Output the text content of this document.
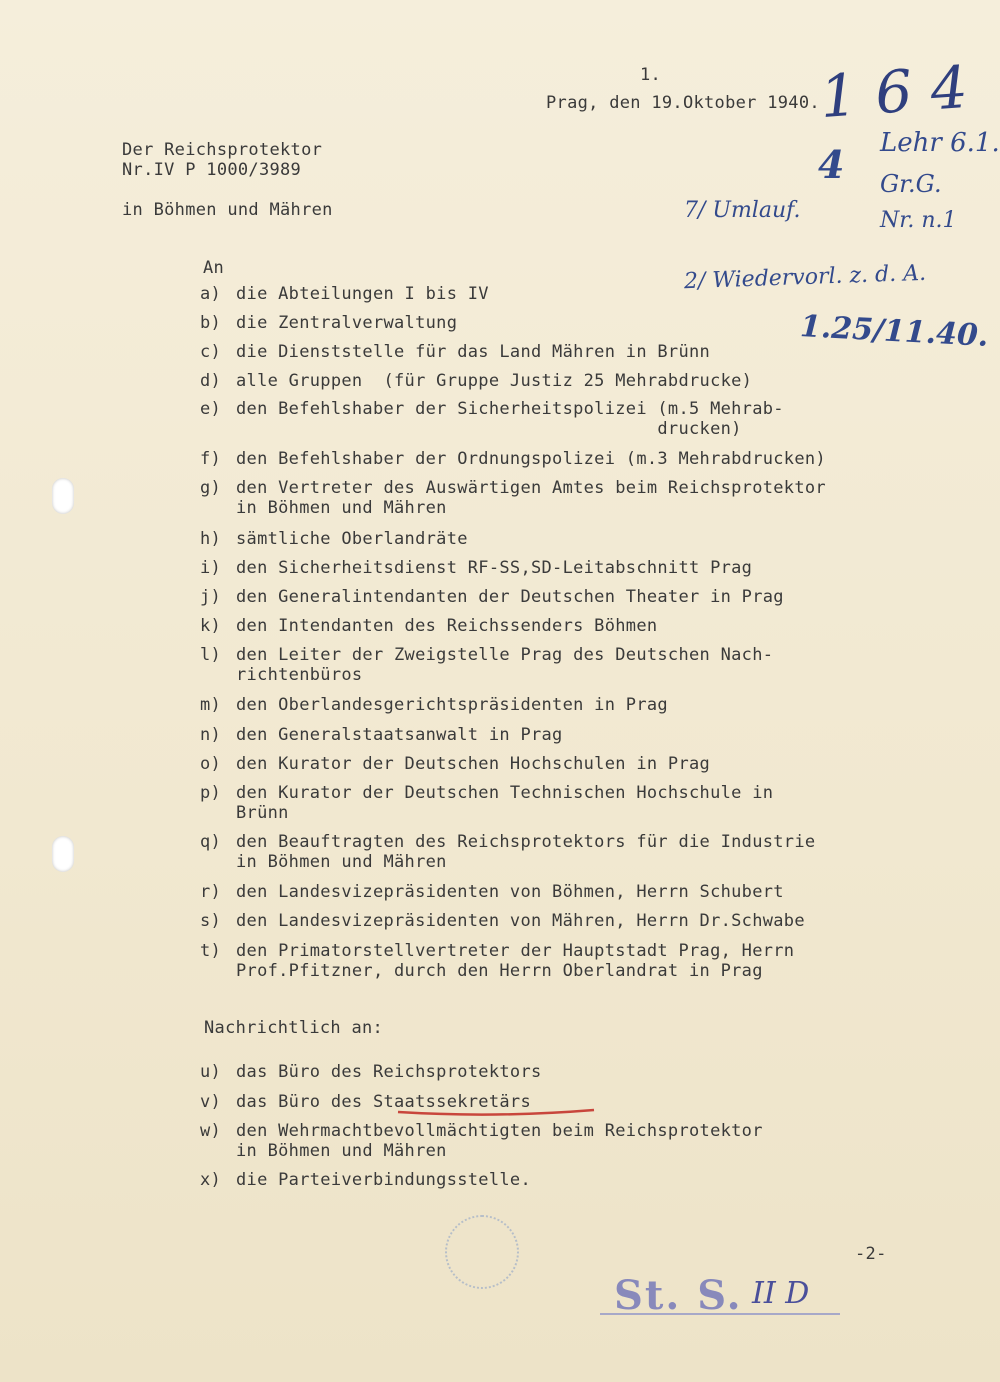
1.
Prag, den 19.Oktober 1940.

Der Reichsprotektor

in Böhmen und Mähren

Nr.IV P 1000/3989
1 6 4
Lehr 6.1.
Gr.G.
Nr. n.1
4
7/ Umlauf.
2/ Wiedervorl. z. d. A.
1.25/11.40.
An
a) die Abteilungen I bis IV
b) die Zentralverwaltung
c) die Dienststelle für das Land Mähren in Brünn
d) alle Gruppen  (für Gruppe Justiz 25 Mehrabdrucke)
e) den Befehlshaber der Sicherheitspolizei (m.5 Mehrab-
drucken)
f) den Befehlshaber der Ordnungspolizei (m.3 Mehrabdrucken)
g) den Vertreter des Auswärtigen Amtes beim Reichsprotektor
in Böhmen und Mähren
h) sämtliche Oberlandräte
i) den Sicherheitsdienst RF-SS,SD-Leitabschnitt Prag
j) den Generalintendanten der Deutschen Theater in Prag
k) den Intendanten des Reichssenders Böhmen
l) den Leiter der Zweigstelle Prag des Deutschen Nach-
richtenbüros
m) den Oberlandesgerichtspräsidenten in Prag
n) den Generalstaatsanwalt in Prag
o) den Kurator der Deutschen Hochschulen in Prag
p) den Kurator der Deutschen Technischen Hochschule in
Brünn
q) den Beauftragten des Reichsprotektors für die Industrie
in Böhmen und Mähren
r) den Landesvizepräsidenten von Böhmen, Herrn Schubert
s) den Landesvizepräsidenten von Mähren, Herrn Dr.Schwabe
t) den Primatorstellvertreter der Hauptstadt Prag, Herrn
Prof.Pfitzner, durch den Herrn Oberlandrat in Prag
Nachrichtlich an:
u) das Büro des Reichsprotektors
v) das Büro des Staatssekretärs
w) den Wehrmachtbevollmächtigten beim Reichsprotektor
in Böhmen und Mähren
x) die Parteiverbindungsstelle.
-2-
St. S. II D
